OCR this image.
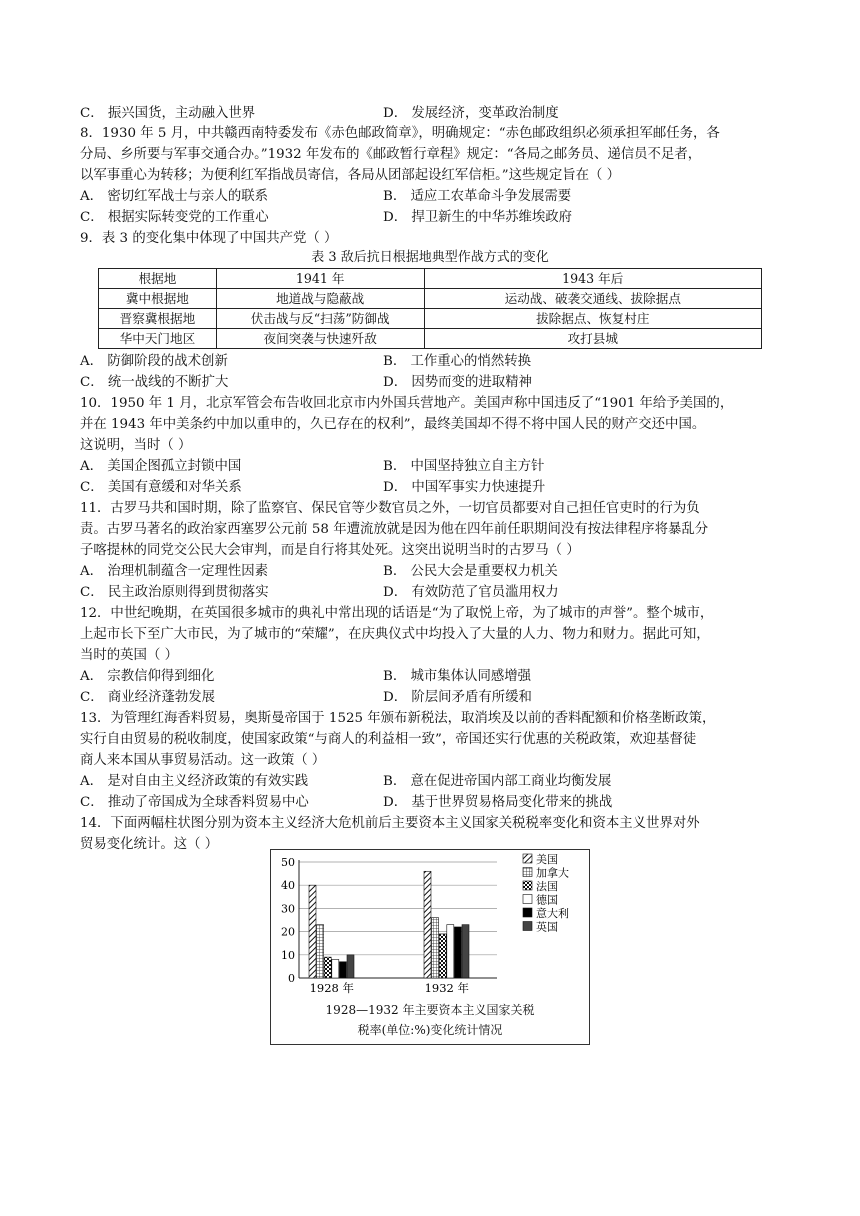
C． 振兴国货，主动融入世界	D． 发展经济，变革政治制度
8．1930 年 5 月，中共赣西南特委发布《赤色邮政简章》，明确规定：“赤色邮政组织必须承担军邮任务，各
分局、乡所要与军事交通合办。”1932 年发布的《邮政暂行章程》规定：“各局之邮务员、递信员不足者，
以军事重心为转移；为便利红军指战员寄信，各局从团部起设红军信柜。”这些规定旨在（ ）
A． 密切红军战士与亲人的联系	B． 适应工农革命斗争发展需要
C． 根据实际转变党的工作重心	D． 捍卫新生的中华苏维埃政府
9．表 3 的变化集中体现了中国共产党（ ）
表 3 敌后抗日根据地典型作战方式的变化
根据地	1941 年	1943 年后
冀中根据地	地道战与隐蔽战	运动战、破袭交通线、拔除据点
晋察冀根据地	伏击战与反“扫荡”防御战	拔除据点、恢复村庄
华中天门地区	夜间突袭与快速歼敌	攻打县城
A． 防御阶段的战术创新	B． 工作重心的悄然转换
C． 统一战线的不断扩大	D． 因势而变的进取精神
10．1950 年 1 月，北京军管会布告收回北京市内外国兵营地产。美国声称中国违反了“1901 年给予美国的，
并在 1943 年中美条约中加以重申的，久已存在的权利”，最终美国却不得不将中国人民的财产交还中国。
这说明，当时（ ）
A． 美国企图孤立封锁中国	B． 中国坚持独立自主方针
C． 美国有意缓和对华关系	D． 中国军事实力快速提升
11．古罗马共和国时期，除了监察官、保民官等少数官员之外，一切官员都要对自己担任官吏时的行为负
责。古罗马著名的政治家西塞罗公元前 58 年遭流放就是因为他在四年前任职期间没有按法律程序将暴乱分
子喀提林的同党交公民大会审判，而是自行将其处死。这突出说明当时的古罗马（ ）
A． 治理机制蕴含一定理性因素	B． 公民大会是重要权力机关
C． 民主政治原则得到贯彻落实	D． 有效防范了官员滥用权力
12．中世纪晚期，在英国很多城市的典礼中常出现的话语是“为了取悦上帝，为了城市的声誉”。整个城市，
上起市长下至广大市民，为了城市的“荣耀”，在庆典仪式中均投入了大量的人力、物力和财力。据此可知，
当时的英国（ ）
A． 宗教信仰得到细化	B． 城市集体认同感增强
C． 商业经济蓬勃发展	D． 阶层间矛盾有所缓和
13．为管理红海香料贸易，奥斯曼帝国于 1525 年颁布新税法，取消埃及以前的香料配额和价格垄断政策，
实行自由贸易的税收制度，使国家政策“与商人的利益相一致”，帝国还实行优惠的关税政策，欢迎基督徒
商人来本国从事贸易活动。这一政策（ ）
A． 是对自由主义经济政策的有效实践	B． 意在促进帝国内部工商业均衡发展
C． 推动了帝国成为全球香料贸易中心	D． 基于世界贸易格局变化带来的挑战
14．下面两幅柱状图分别为资本主义经济大危机前后主要资本主义国家关税税率变化和资本主义世界对外
贸易变化统计。这（ ）
0
10
20
30
40
50
1928 年	1932 年
美国
加拿大
法国
德国
意大利
英国
1928—1932 年主要资本主义国家关税
税率(单位:%)变化统计情况
